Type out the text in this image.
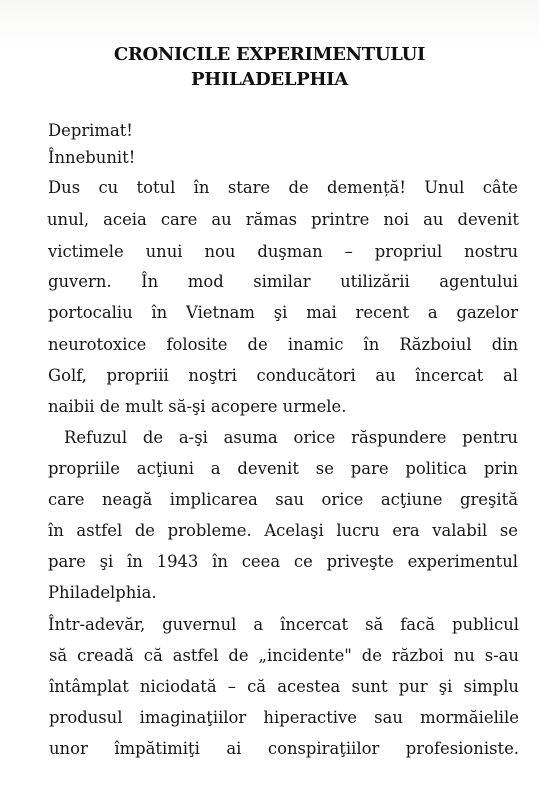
CRONICILE EXPERIMENTULUI
PHILADELPHIA
Deprimat!
Înnebunit!
Dus cu totul în stare de demență! Unul câte
unul, aceia care au rămas printre noi au devenit
victimele unui nou duşman – propriul nostru
guvern. În mod similar utilizării agentului
portocaliu în Vietnam şi mai recent a gazelor
neurotoxice folosite de inamic în Războiul din
Golf, propriii noştri conducători au încercat al
naibii de mult să-şi acopere urmele.
Refuzul de a-şi asuma orice răspundere pentru
propriile acţiuni a devenit se pare politica prin
care neagă implicarea sau orice acţiune greşită
în astfel de probleme. Acelaşi lucru era valabil se
pare şi în 1943 în ceea ce priveşte experimentul
Philadelphia.
Într-adevăr, guvernul a încercat să facă publicul
să creadă că astfel de „incidente" de război nu s-au
întâmplat niciodată – că acestea sunt pur şi simplu
produsul imaginaţiilor hiperactive sau mormăielile
unor împătimiţi ai conspiraţiilor profesioniste.
